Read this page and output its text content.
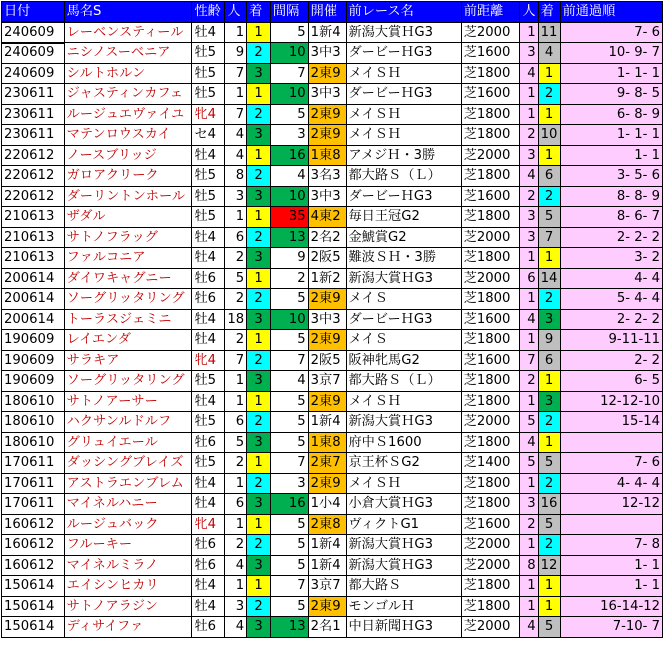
日付	馬名S	性齢	人	着	間隔	開催	前レース名	前距離	人	着	前通過順
240609	レーベンスティール	牡4	1	1	5	1新4	新潟大賞ＨG3	芝2000	1	11	7- 6
240609	ニシノスーベニア	牡5	9	2	10	3中3	ダービーＨG3	芝1600	3	4	10- 9- 7
240609	シルトホルン	牡5	7	3	7	2東9	メイＳＨ	芝1800	4	1	1- 1- 1
230611	ジャスティンカフェ	牡5	1	1	10	3中3	ダービーＨG3	芝1600	1	2	9- 8- 5
230611	ルージュエヴァイユ	牝4	7	2	5	2東9	メイＳＨ	芝1800	1	1	6- 8- 9
230611	マテンロウスカイ	セ4	4	3	3	2東9	メイＳＨ	芝1800	2	10	1- 1- 1
220612	ノースブリッジ	牡4	4	1	16	1東8	アメジＨ・3勝	芝2000	3	1	1- 1
220612	ガロアクリーク	牡5	8	2	4	3名3	都大路Ｓ（Ｌ）	芝1800	4	6	3- 5- 6
220612	ダーリントンホール	牡5	3	3	10	3中3	ダービーＨG3	芝1600	2	2	8- 8- 9
210613	ザダル	牡5	1	1	35	4東2	毎日王冠G2	芝1800	3	5	8- 6- 7
210613	サトノフラッグ	牡4	6	2	13	2名2	金鯱賞G2	芝2000	3	7	2- 2- 2
210613	ファルコニア	牡4	2	3	9	2阪5	難波ＳＨ・3勝	芝1800	1	1	3- 2
200614	ダイワキャグニー	牡6	5	1	2	1新2	新潟大賞ＨG3	芝2000	6	14	4- 4
200614	ソーグリッタリング	牡6	2	2	5	2東9	メイＳ	芝1800	1	2	5- 4- 4
200614	トーラスジェミニ	牡4	18	3	10	3中3	ダービーＨG3	芝1600	4	3	2- 2- 2
190609	レイエンダ	牡4	2	1	5	2東9	メイＳ	芝1800	1	9	9-11-11
190609	サラキア	牝4	7	2	7	2阪5	阪神牝馬G2	芝1600	7	6	2- 2
190609	ソーグリッタリング	牡5	1	3	4	3京7	都大路Ｓ（Ｌ）	芝1800	2	1	6- 5
180610	サトノアーサー	牡4	1	1	5	2東9	メイＳＨ	芝1800	1	3	12-12-10
180610	ハクサンルドルフ	牡5	6	2	5	1新4	新潟大賞ＨG3	芝2000	5	2	15-14
180610	グリュイエール	牡6	5	3	5	1東8	府中Ｓ1600	芝1800	4	1	
170611	ダッシングブレイズ	牡5	2	1	7	2東7	京王杯ＳG2	芝1400	5	5	7- 6
170611	アストラエンブレム	牡4	1	2	3	2東9	メイＳＨ	芝1800	1	2	4- 4- 4
170611	マイネルハニー	牡4	6	3	16	1小4	小倉大賞ＨG3	芝1800	3	16	12-12
160612	ルージュバック	牝4	1	1	5	2東8	ヴィクトG1	芝1600	2	5	
160612	フルーキー	牡6	2	2	5	1新4	新潟大賞ＨG3	芝2000	1	2	7- 8
160612	マイネルミラノ	牡6	4	3	5	1新4	新潟大賞ＨG3	芝2000	8	12	1- 1
150614	エイシンヒカリ	牡4	1	1	7	3京7	都大路Ｓ	芝1800	1	1	1- 1
150614	サトノアラジン	牡4	3	2	5	2東9	モンゴルＨ	芝1800	1	1	16-14-12
150614	ディサイファ	牡6	4	3	13	2名1	中日新聞ＨG3	芝2000	4	5	7-10- 7
